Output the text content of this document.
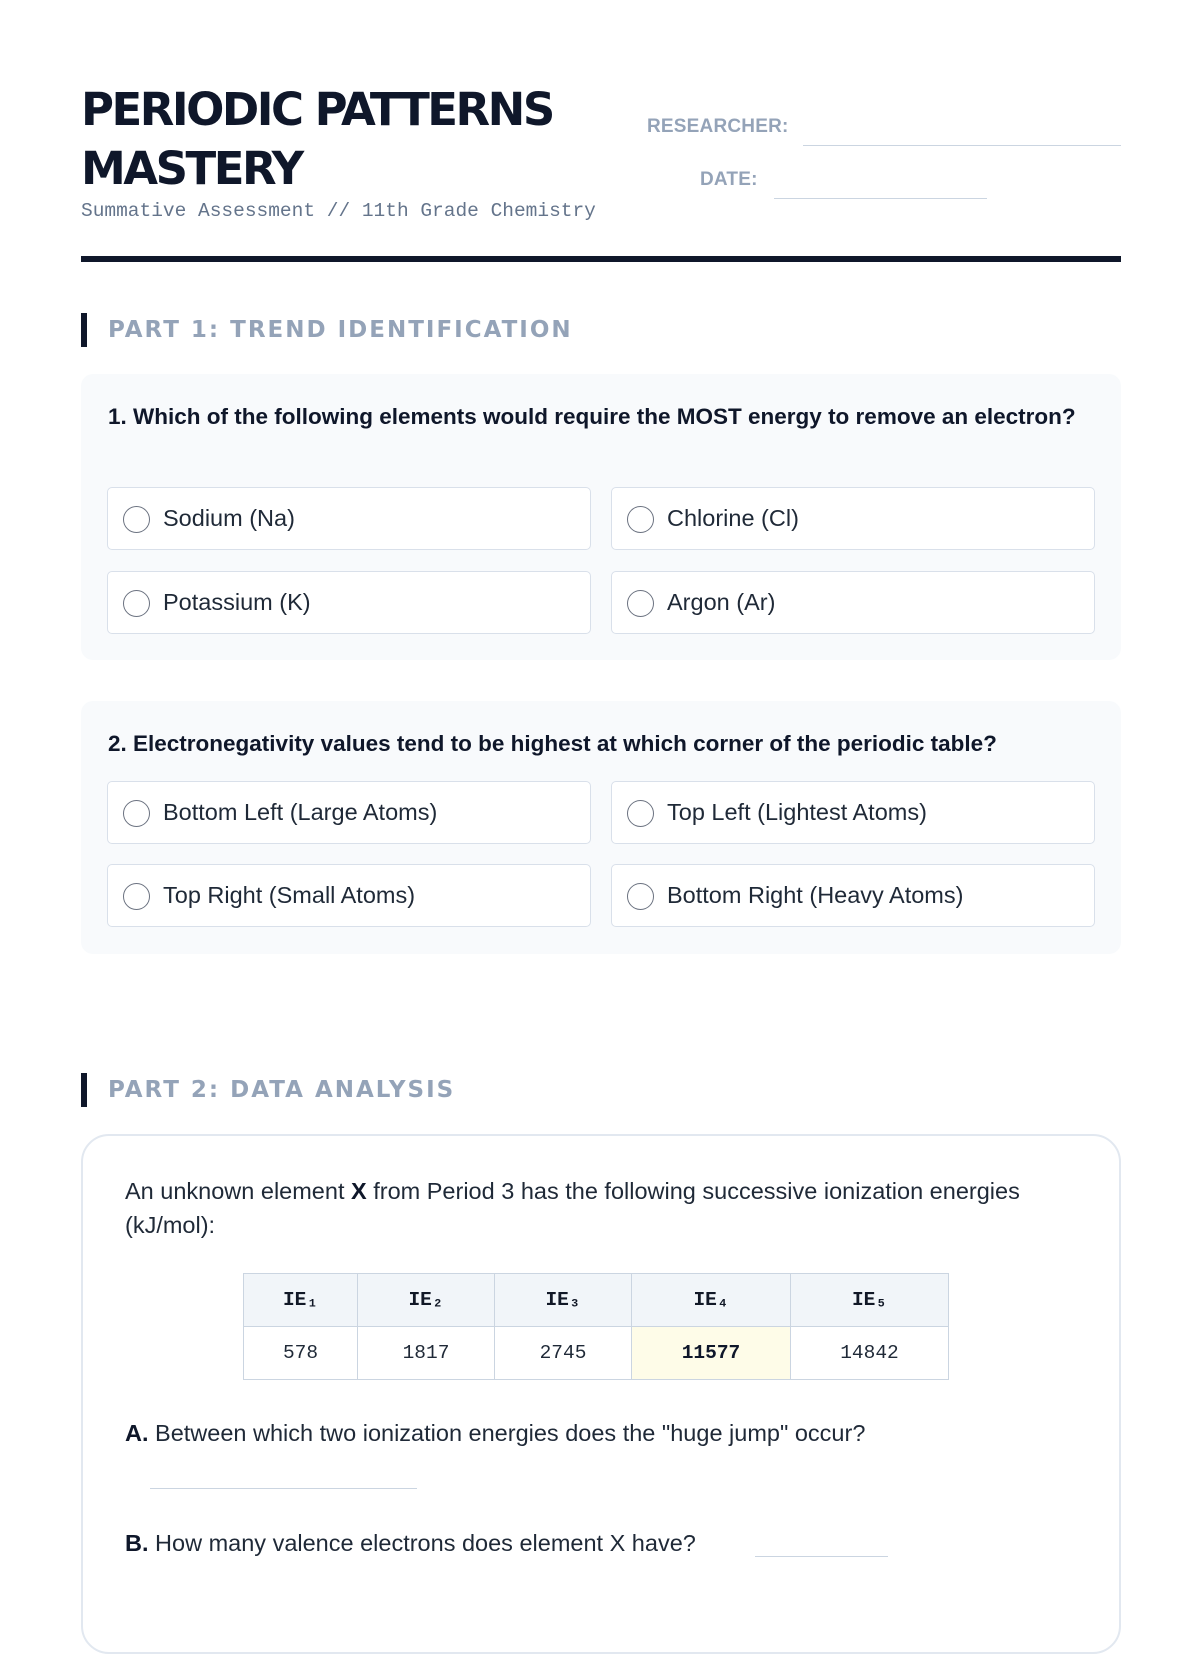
PERIODIC PATTERNS
MASTERY
Summative Assessment // 11th Grade Chemistry
RESEARCHER:
DATE:
PART 1: TREND IDENTIFICATION
1. Which of the following elements would require the MOST energy to remove an electron?
Sodium (Na)	Chlorine (Cl)
Potassium (K)	Argon (Ar)
2. Electronegativity values tend to be highest at which corner of the periodic table?
Bottom Left (Large Atoms)	Top Left (Lightest Atoms)
Top Right (Small Atoms)	Bottom Right (Heavy Atoms)
PART 2: DATA ANALYSIS
An unknown element X from Period 3 has the following successive ionization energies (kJ/mol):
IE₁	IE₂	IE₃	IE₄	IE₅
578	1817	2745	11577	14842
A. Between which two ionization energies does the "huge jump" occur?
B. How many valence electrons does element X have?
